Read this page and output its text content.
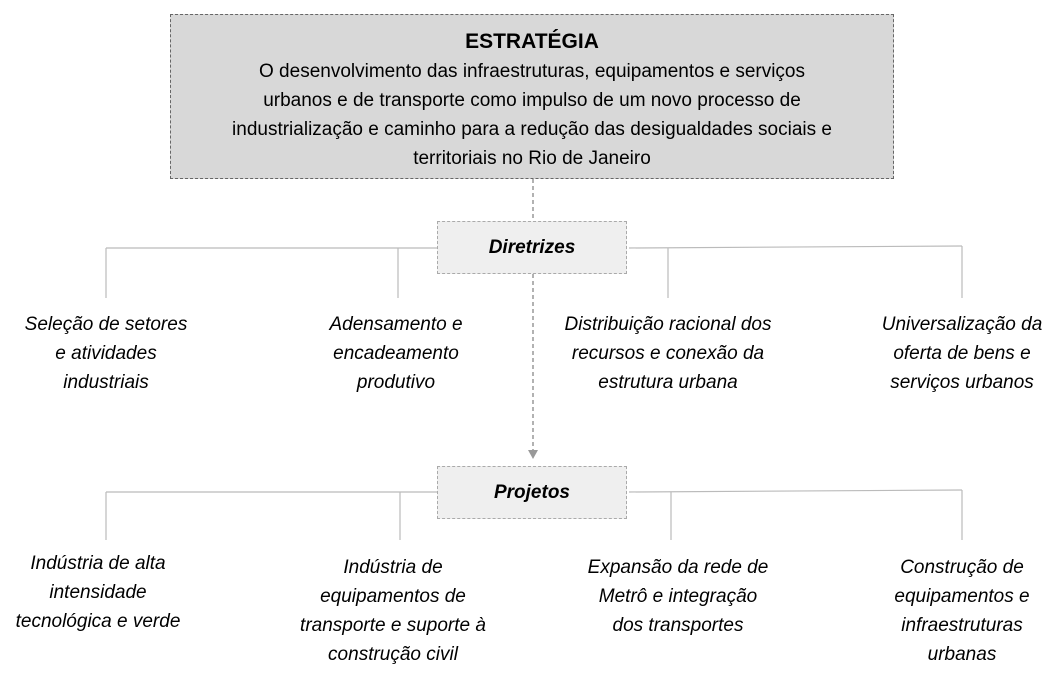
ESTRATÉGIA
O desenvolvimento das infraestruturas, equipamentos e serviços
urbanos e de transporte como impulso de um novo processo de
industrialização e caminho para a redução das desigualdades sociais e
territoriais no Rio de Janeiro
Diretrizes
Projetos
Seleção de setores
e atividades
industriais
Adensamento e
encadeamento
produtivo
Distribuição racional dos
recursos e conexão da
estrutura urbana
Universalização da
oferta de bens e
serviços urbanos
Indústria de alta
intensidade
tecnológica e verde
Indústria de
equipamentos de
transporte e suporte à
construção civil
Expansão da rede de
Metrô e integração
dos transportes
Construção de
equipamentos e
infraestruturas
urbanas
